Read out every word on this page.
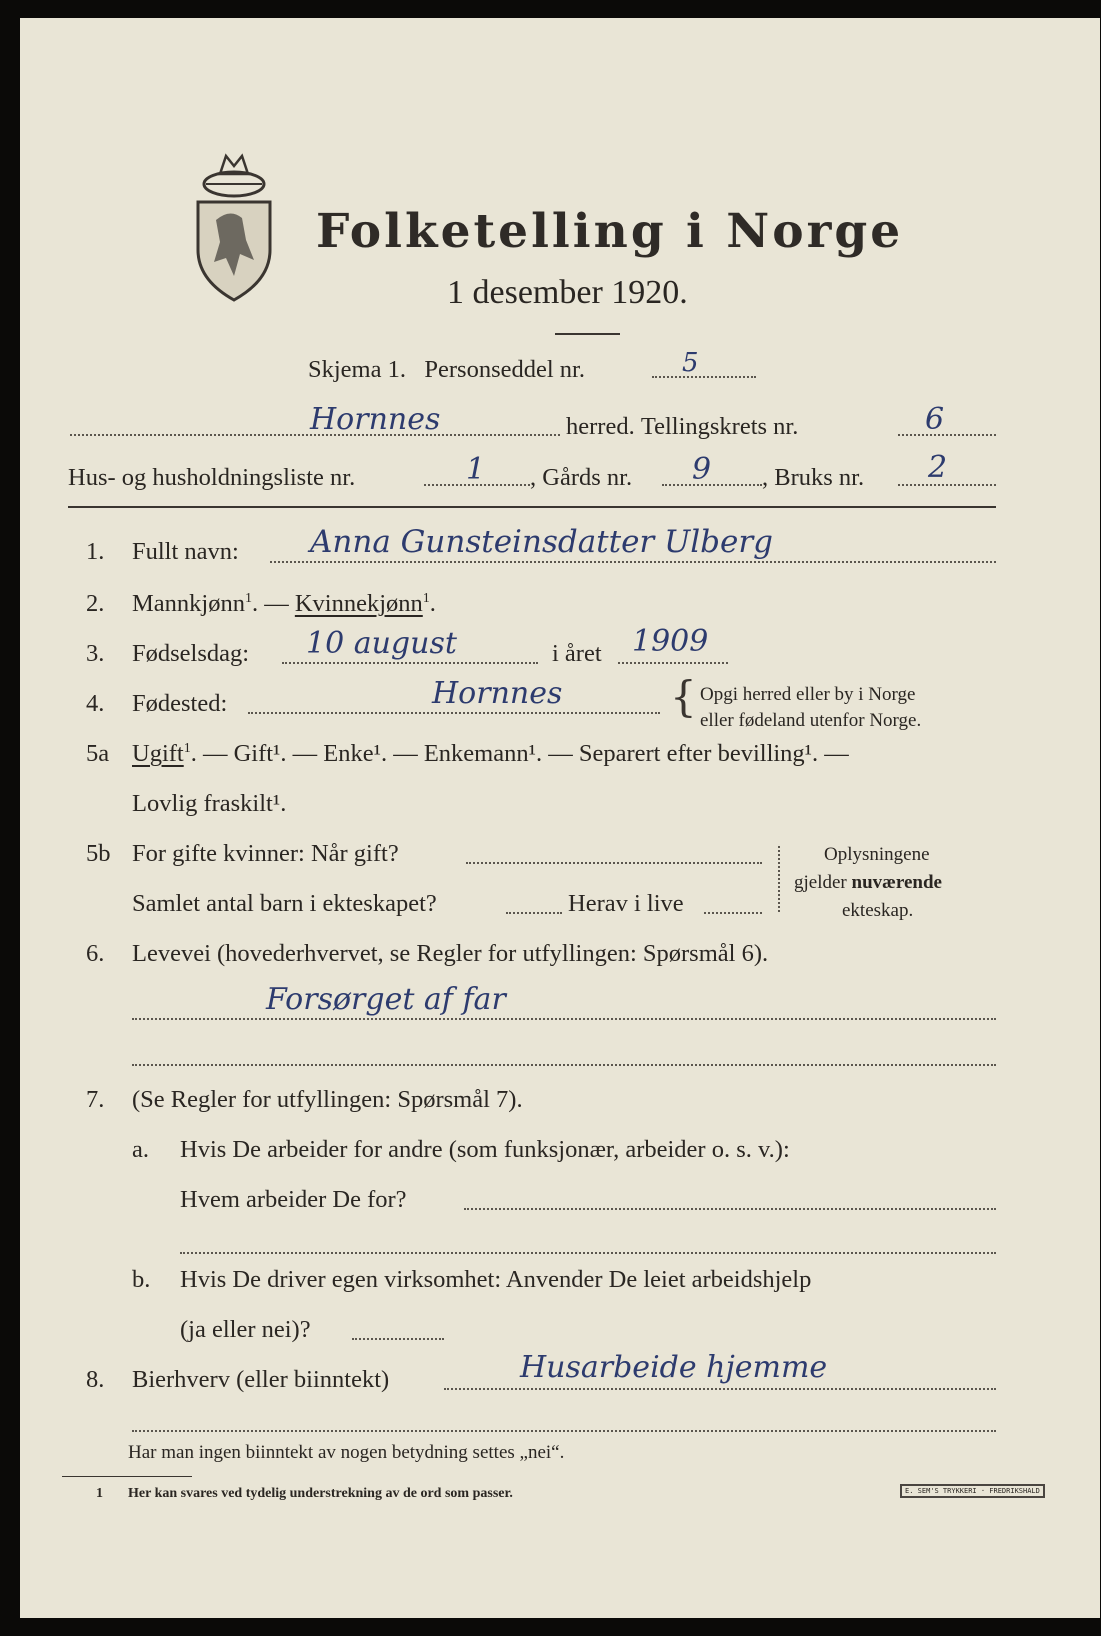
Folketelling i Norge
1 desember 1920.
Skjema 1. Personseddel nr.	5
Hornnes	herred. Tellingskrets nr.	6
Hus- og husholdningsliste nr.	1 , Gårds nr. 9 , Bruks nr. 2
1. Fullt navn: Anna Gunsteinsdatter Ulberg
2. Mannkjønn$^1$. — Kvinnekjønn$^1$.
3. Fødselsdag: 10 august	i året 1909
4. Fødested:	Hornnes	{ Opgi herred eller by i Norge
eller fødeland utenfor Norge.
5a Ugift$^1$. — Gift¹. — Enke¹. — Enkemann¹. — Separert efter bevilling¹. —
Lovlig fraskilt¹.
5b For gifte kvinner: Når gift?
Samlet antal barn i ekteskapet?	Herav i live
Oplysningene
gjelder nuværende
ekteskap.
6. Levevei (hovederhvervet, se Regler for utfyllingen: Spørsmål 6).
Forsørget af far
7. (Se Regler for utfyllingen: Spørsmål 7).
a. Hvis De arbeider for andre (som funksjonær, arbeider o. s. v.):
Hvem arbeider De for?
b. Hvis De driver egen virksomhet: Anvender De leiet arbeidshjelp
(ja eller nei)?
8. Bierhverv (eller biinntekt)	Husarbeide hjemme
Har man ingen biinntekt av nogen betydning settes „nei“.
1 Her kan svares ved tydelig understrekning av de ord som passer.	E. SEM'S TRYKKERI · FREDRIKSHALD
